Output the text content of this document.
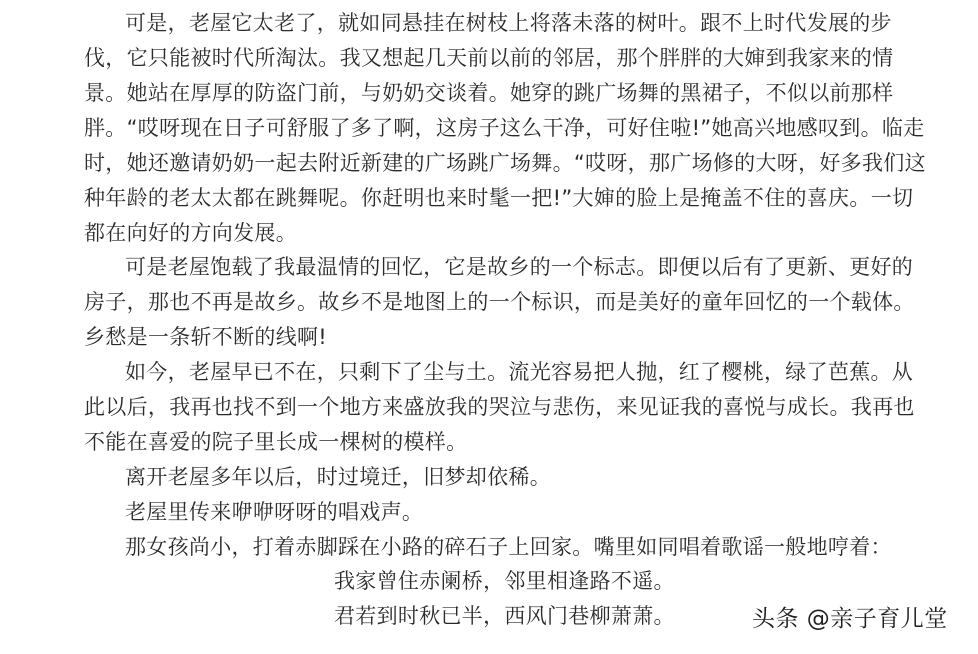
可是，老屋它太老了，就如同悬挂在树枝上将落未落的树叶。跟不上时代发展的步
伐，它只能被时代所淘汰。我又想起几天前以前的邻居，那个胖胖的大婶到我家来的情
景。她站在厚厚的防盗门前，与奶奶交谈着。她穿的跳广场舞的黑裙子，不似以前那样
胖。“哎呀现在日子可舒服了多了啊，这房子这么干净，可好住啦!”她高兴地感叹到。临走
时，她还邀请奶奶一起去附近新建的广场跳广场舞。“哎呀，那广场修的大呀，好多我们这
种年龄的老太太都在跳舞呢。你赶明也来时髦一把!”大婶的脸上是掩盖不住的喜庆。一切
都在向好的方向发展。
可是老屋饱载了我最温情的回忆，它是故乡的一个标志。即便以后有了更新、更好的
房子，那也不再是故乡。故乡不是地图上的一个标识，而是美好的童年回忆的一个载体。
乡愁是一条斩不断的线啊!
如今，老屋早已不在，只剩下了尘与土。流光容易把人抛，红了樱桃，绿了芭蕉。从
此以后，我再也找不到一个地方来盛放我的哭泣与悲伤，来见证我的喜悦与成长。我再也
不能在喜爱的院子里长成一棵树的模样。
离开老屋多年以后，时过境迁，旧梦却依稀。
老屋里传来咿咿呀呀的唱戏声。
那女孩尚小，打着赤脚踩在小路的碎石子上回家。嘴里如同唱着歌谣一般地哼着：
我家曾住赤阑桥，邻里相逢路不遥。
君若到时秋已半，西风门巷柳萧萧。	头条 @亲子育儿堂
